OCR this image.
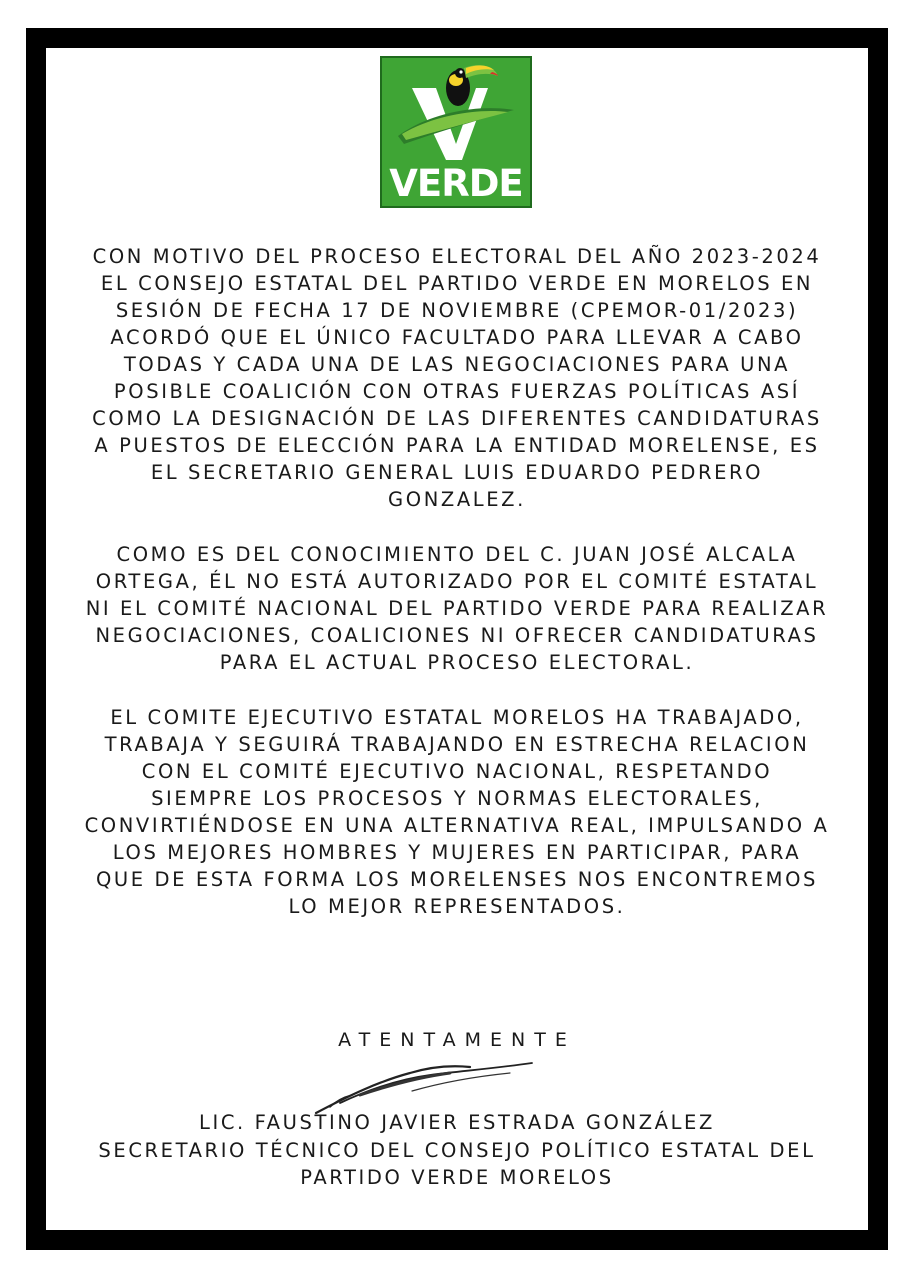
VERDE

CON MOTIVO DEL PROCESO ELECTORAL DEL AÑO 2023-2024
EL CONSEJO ESTATAL DEL PARTIDO VERDE EN MORELOS EN
SESIÓN DE FECHA 17 DE NOVIEMBRE (CPEMOR-01/2023)
ACORDÓ QUE EL ÚNICO FACULTADO PARA LLEVAR A CABO
TODAS Y CADA UNA DE LAS NEGOCIACIONES PARA UNA
POSIBLE COALICIÓN CON OTRAS FUERZAS POLÍTICAS ASÍ
COMO LA DESIGNACIÓN DE LAS DIFERENTES CANDIDATURAS
A PUESTOS DE ELECCIÓN PARA LA ENTIDAD MORELENSE, ES
EL SECRETARIO GENERAL LUIS EDUARDO PEDRERO
GONZALEZ.

COMO ES DEL CONOCIMIENTO DEL C. JUAN JOSÉ ALCALA
ORTEGA, ÉL NO ESTÁ AUTORIZADO POR EL COMITÉ ESTATAL
NI EL COMITÉ NACIONAL DEL PARTIDO VERDE PARA REALIZAR
NEGOCIACIONES, COALICIONES NI OFRECER CANDIDATURAS
PARA EL ACTUAL PROCESO ELECTORAL.

EL COMITE EJECUTIVO ESTATAL MORELOS HA TRABAJADO,
TRABAJA Y SEGUIRÁ TRABAJANDO EN ESTRECHA RELACION
CON EL COMITÉ EJECUTIVO NACIONAL, RESPETANDO
SIEMPRE LOS PROCESOS Y NORMAS ELECTORALES,
CONVIRTIÉNDOSE EN UNA ALTERNATIVA REAL, IMPULSANDO A
LOS MEJORES HOMBRES Y MUJERES EN PARTICIPAR, PARA
QUE DE ESTA FORMA LOS MORELENSES NOS ENCONTREMOS
LO MEJOR REPRESENTADOS.

ATENTAMENTE
LIC. FAUSTINO JAVIER ESTRADA GONZÁLEZ
SECRETARIO TÉCNICO DEL CONSEJO POLÍTICO ESTATAL DEL
PARTIDO VERDE MORELOS
